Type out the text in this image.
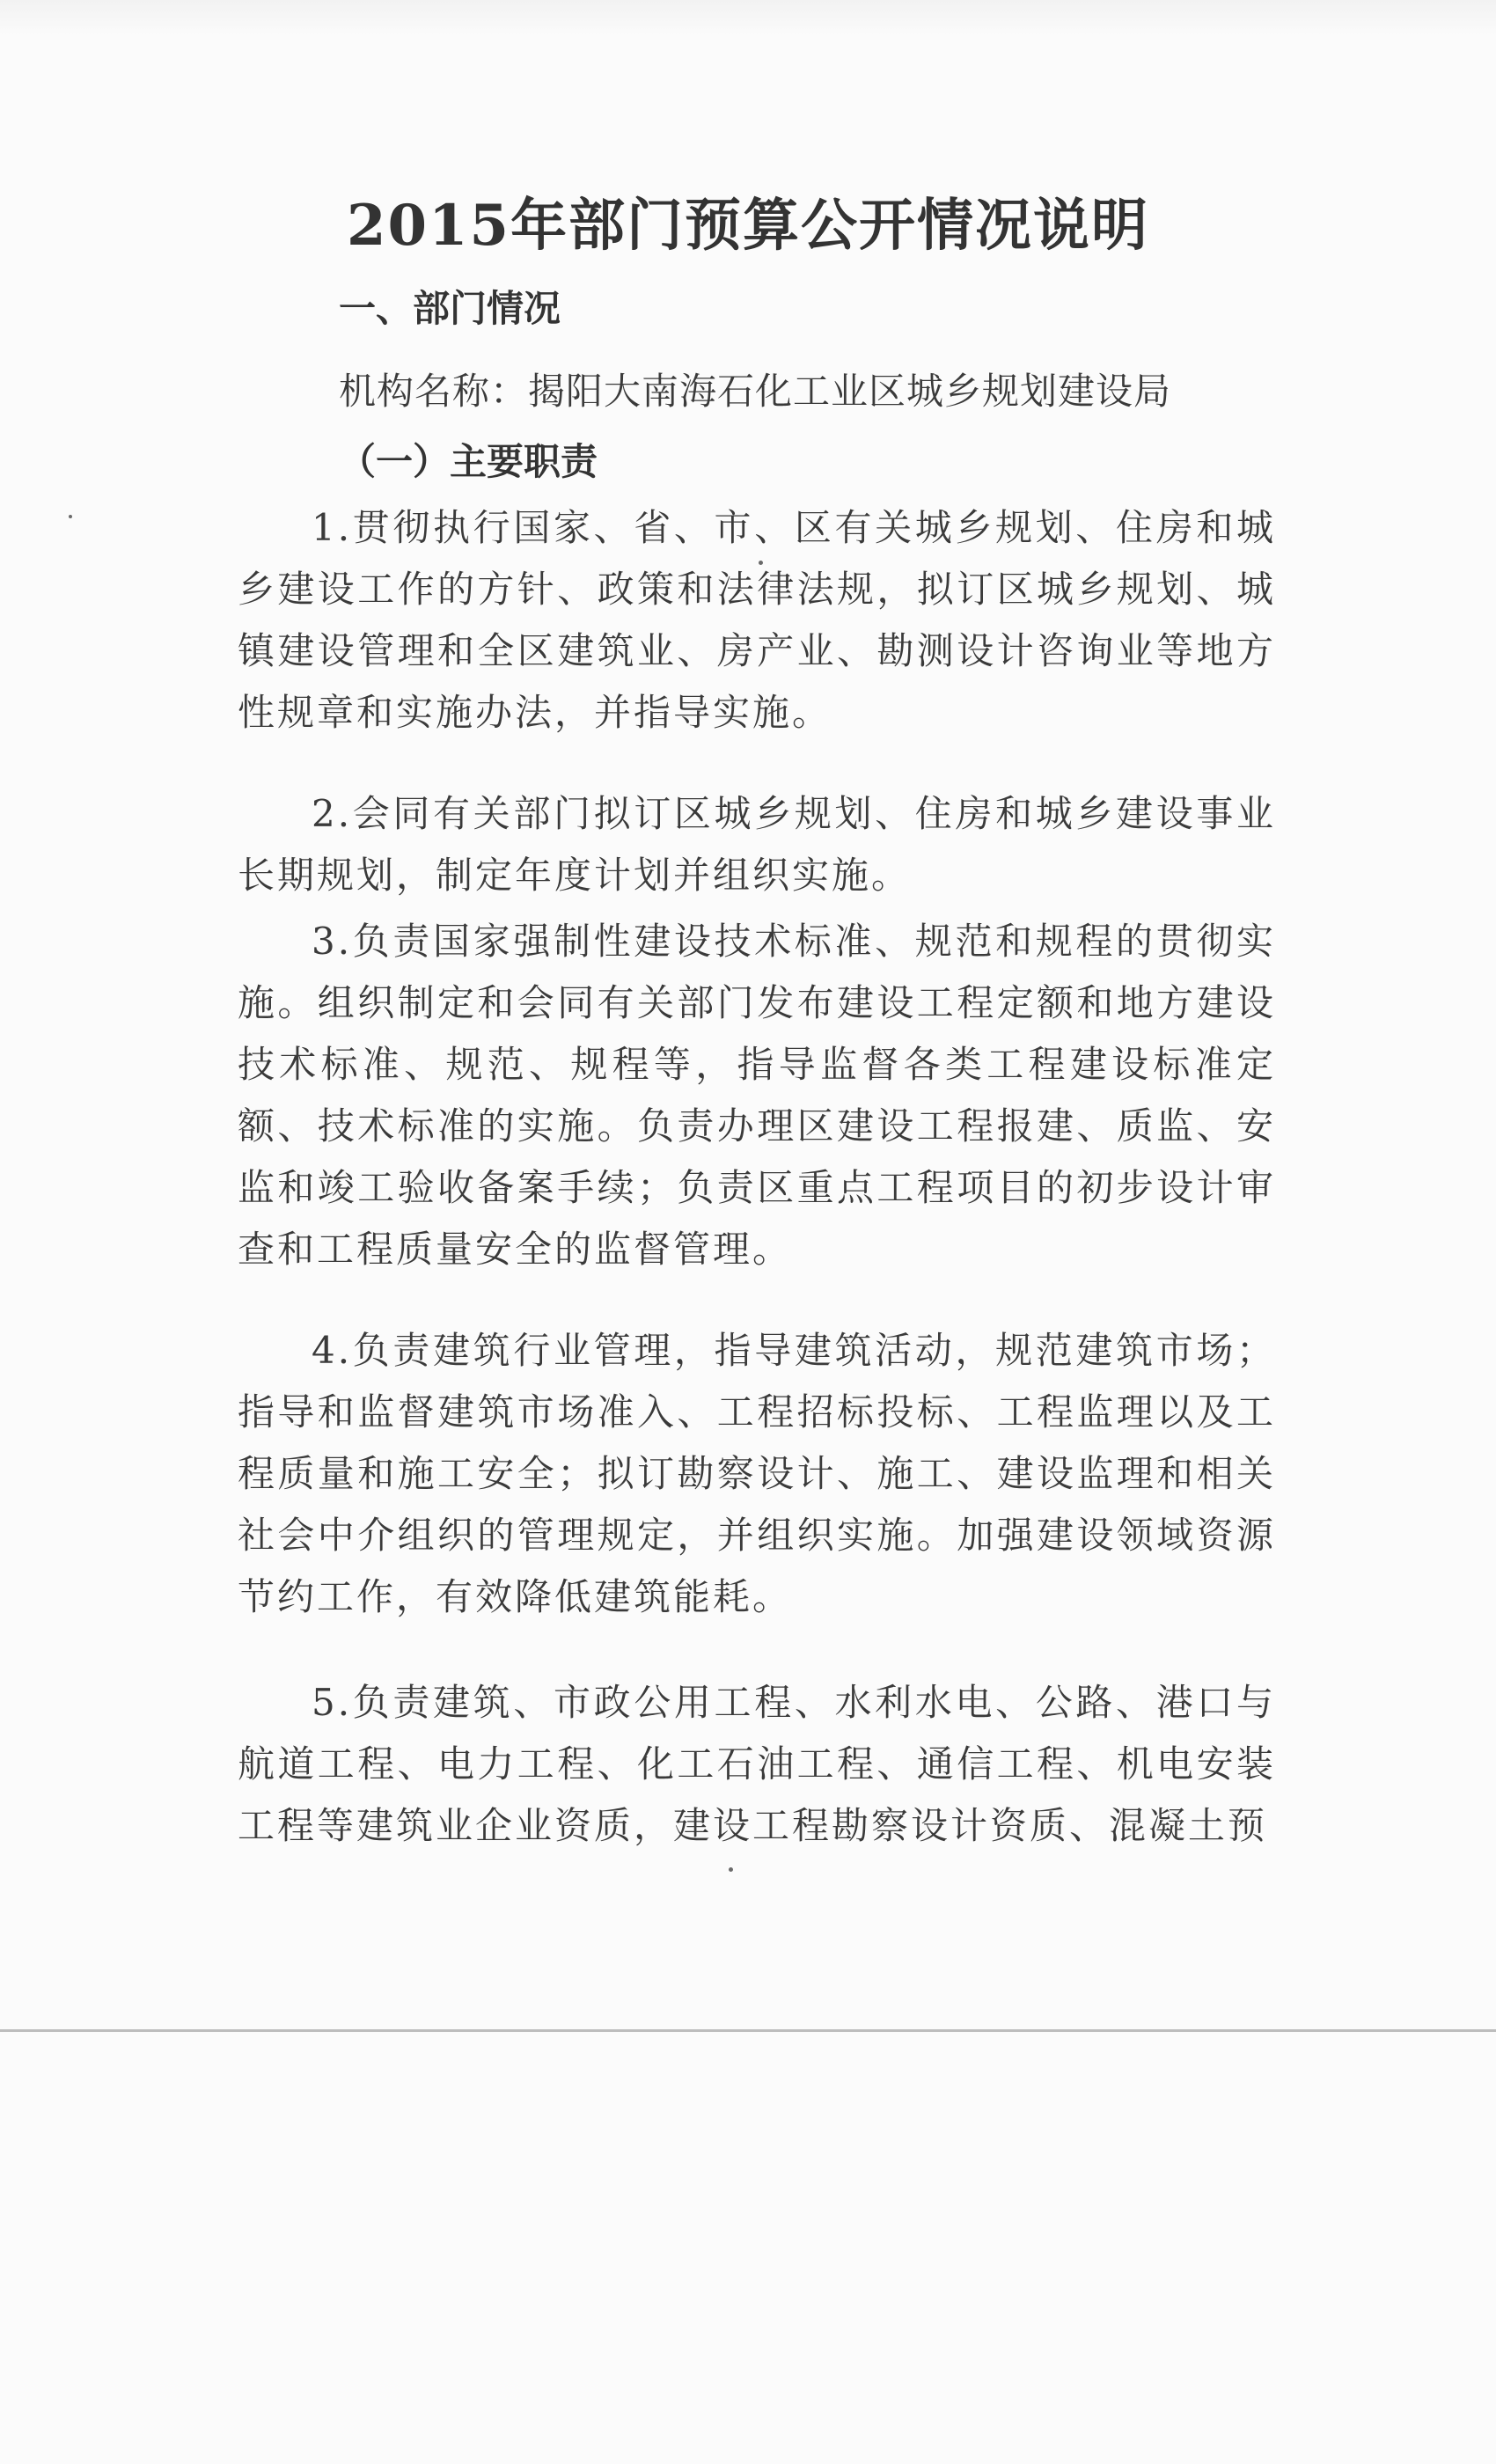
2015年部门预算公开情况说明
一、部门情况

机构名称：揭阳大南海石化工业区城乡规划建设局

（一）主要职责

1.贯彻执行国家、省、市、区有关城乡规划、住房和城乡建设工作的方针、政策和法律法规，拟订区城乡规划、城镇建设管理和全区建筑业、房产业、勘测设计咨询业等地方性规章和实施办法，并指导实施。

2.会同有关部门拟订区城乡规划、住房和城乡建设事业长期规划，制定年度计划并组织实施。

3.负责国家强制性建设技术标准、规范和规程的贯彻实施。组织制定和会同有关部门发布建设工程定额和地方建设技术标准、规范、规程等，指导监督各类工程建设标准定额、技术标准的实施。负责办理区建设工程报建、质监、安监和竣工验收备案手续；负责区重点工程项目的初步设计审查和工程质量安全的监督管理。

4.负责建筑行业管理，指导建筑活动，规范建筑市场；指导和监督建筑市场准入、工程招标投标、工程监理以及工程质量和施工安全；拟订勘察设计、施工、建设监理和相关社会中介组织的管理规定，并组织实施。加强建设领域资源节约工作，有效降低建筑能耗。

5.负责建筑、市政公用工程、水利水电、公路、港口与航道工程、电力工程、化工石油工程、通信工程、机电安装工程等建筑业企业资质，建设工程勘察设计资质、混凝土预
